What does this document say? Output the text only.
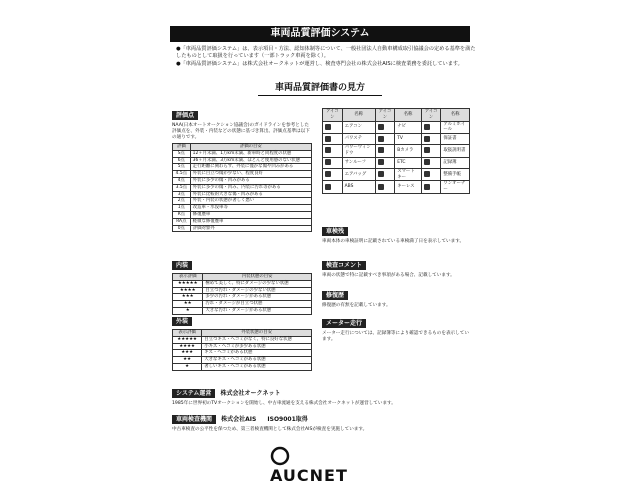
車両品質評価システム

●「車両品質評価システム」は、表示項目・方法、認知体制等について、一般社団法人自動車構成取引協議会の定める基準を満たしたものとして取扱を行っています（一部トラック車両を除く）。

●「車両品質評価システム」は株式会社オークネットが運営し、検査専門会社の株式会社AISに検査業務を委託しています。

車両品質評価書の見方
評価点
NAA(日本オートオークション協議会)のガイドラインを参考とした評価点を、外装・内装などの状態に基づき算出。評価点基準は以下の通りです。
評価	評価の目安
S点	12ヶ月未満、1万km未満、新車時と同程度の状態
6点	36ヶ月未満、3万km未満、ほとんど使用感のない状態
5点	走行距離に関わらず、外装に僅かな傷や凹みがある
4.5点	外装に目立つ傷が少ない、程度良好
4点	外装に多少の傷・凹みがある
3.5点	外装に多少の傷・凹み、内装に汚れ等がある
3点	外装に比較的大きな傷・凹みがある
2点	外装・内装の状態が著しく悪い
1点	改造車・水没車等
R点	修復歴車
RA点	軽微な修復歴車
0点	評価対象外
内装
表示評価	内装状態の目安
★★★★★	極めて美しく、特にダメージの少ない状態
★★★★	目立つ汚れ・ダメージの少ない状態
★★★	多少の汚れ・ダメージがある状態
★★	汚れ・ダメージが目立つ状態
★	大きな汚れ・ダメージがある状態
外装
表示評価	外装状態の目安
★★★★★	目立つキズ・ヘコミがなく、特に良好な状態
★★★★	小キズ・ヘコミが多少ある状態
★★★	キズ・ヘコミがある状態
★★	大きなキズ・ヘコミがある状態
★	著しいキズ・ヘコミがある状態
アイコン	名称	アイコン	名称	アイコン	名称
	エアコン		ナビ		アルミホイール
	パワステ		TV		保証書
	パワーウィンドウ		Bカメラ		取扱説明書
	サンルーフ		ETC		記録簿
	エアバッグ		スマートキー		整備手帳
	ABS		キーレス		ワンオーナー
車検残
車両本体の車検証明に記載されている車検満了日を表示しています。
検査コメント
車両の状態で特に記載すべき事項がある場合、記載しています。
修復歴
修復歴の有無を記載しています。
メーター走行
メーター走行については、記録簿等により確認できるものを表示しています。
システム運営 株式会社オークネット
1985年に世界初のTVオークションを開始し、中古車流通を支える株式会社オークネットが運営しています。
車両検査機関 株式会社AIS ISO9001取得
中古車検査の公平性を保つため、第三者検査機関として株式会社AISが検査を実施しています。
AUCNET
